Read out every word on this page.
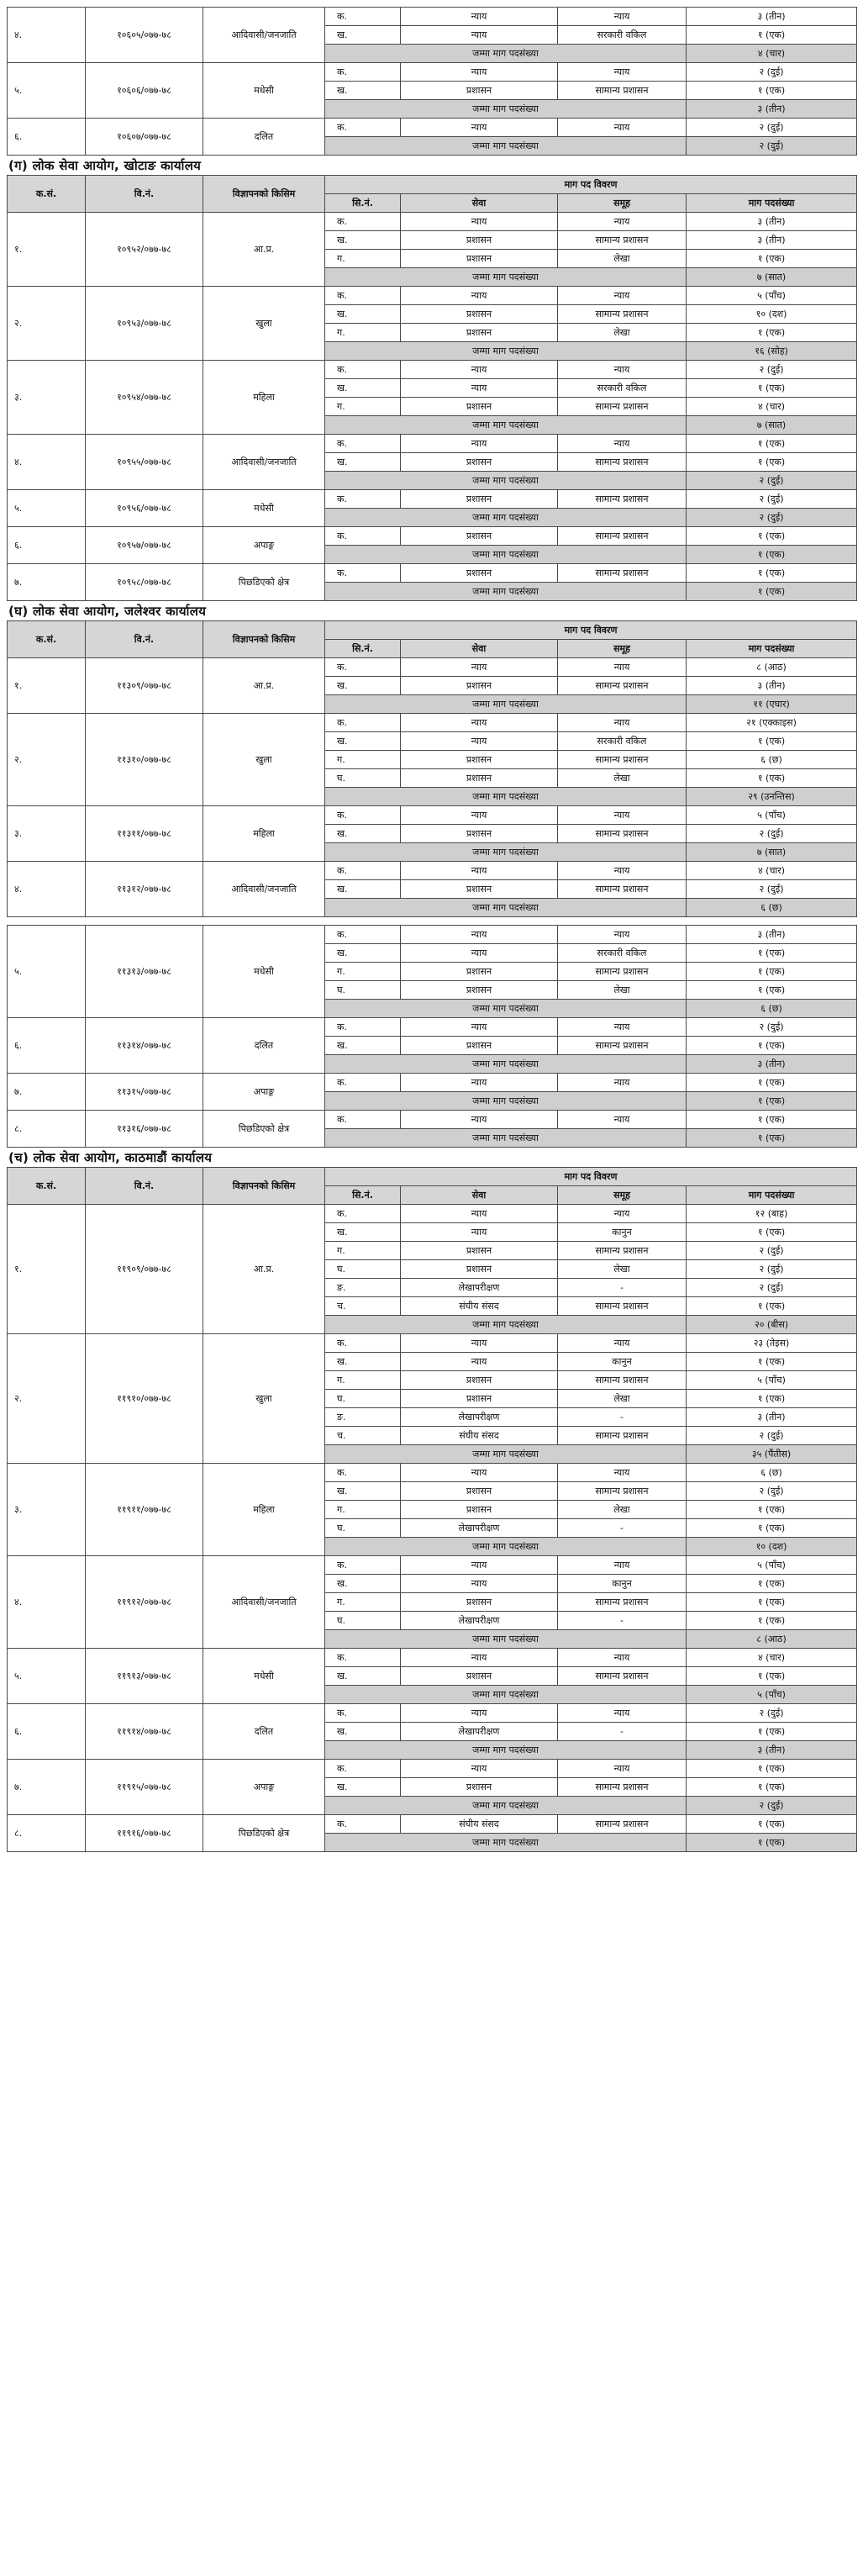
४.	१०६०५/०७७-७८	आदिवासी/जनजाति	क.	न्याय	न्याय	३ (तीन)
			ख.	न्याय	सरकारी वकिल	१ (एक)
			जम्मा माग पदसंख्या			४ (चार)
५.	१०६०६/०७७-७८	मधेसी	क.	न्याय	न्याय	२ (दुई)
			ख.	प्रशासन	सामान्य प्रशासन	१ (एक)
			जम्मा माग पदसंख्या			३ (तीन)
६.	१०६०७/०७७-७८	दलित	क.	न्याय	न्याय	२ (दुई)
			जम्मा माग पदसंख्या			२ (दुई)
(ग) लोक सेवा आयोग, खोटाङ कार्यालय
क.सं.	वि.नं.	विज्ञापनको किसिम	माग पद विवरण			
			सि.नं.	सेवा	समूह	माग पदसंख्या
१.	१०९५२/०७७-७८	आ.प्र.	क.	न्याय	न्याय	३ (तीन)
			ख.	प्रशासन	सामान्य प्रशासन	३ (तीन)
			ग.	प्रशासन	लेखा	१ (एक)
			जम्मा माग पदसंख्या			७ (सात)
२.	१०९५३/०७७-७८	खुला	क.	न्याय	न्याय	५ (पाँच)
			ख.	प्रशासन	सामान्य प्रशासन	१० (दश)
			ग.	प्रशासन	लेखा	१ (एक)
			जम्मा माग पदसंख्या			१६ (सोह)
३.	१०९५४/०७७-७८	महिला	क.	न्याय	न्याय	२ (दुई)
			ख.	न्याय	सरकारी वकिल	१ (एक)
			ग.	प्रशासन	सामान्य प्रशासन	४ (चार)
			जम्मा माग पदसंख्या			७ (सात)
४.	१०९५५/०७७-७८	आदिवासी/जनजाति	क.	न्याय	न्याय	१ (एक)
			ख.	प्रशासन	सामान्य प्रशासन	१ (एक)
			जम्मा माग पदसंख्या			२ (दुई)
५.	१०९५६/०७७-७८	मधेसी	क.	प्रशासन	सामान्य प्रशासन	२ (दुई)
			जम्मा माग पदसंख्या			२ (दुई)
६.	१०९५७/०७७-७८	अपाङ्ग	क.	प्रशासन	सामान्य प्रशासन	१ (एक)
			जम्मा माग पदसंख्या			१ (एक)
७.	१०९५८/०७७-७८	पिछडिएको क्षेत्र	क.	प्रशासन	सामान्य प्रशासन	१ (एक)
			जम्मा माग पदसंख्या			१ (एक)
(घ) लोक सेवा आयोग, जलेश्वर कार्यालय
क.सं.	वि.नं.	विज्ञापनको किसिम	माग पद विवरण			
			सि.नं.	सेवा	समूह	माग पदसंख्या
१.	११३०९/०७७-७८	आ.प्र.	क.	न्याय	न्याय	८ (आठ)
			ख.	प्रशासन	सामान्य प्रशासन	३ (तीन)
			जम्मा माग पदसंख्या			११ (एघार)
२.	११३१०/०७७-७८	खुला	क.	न्याय	न्याय	२१ (एक्काइस)
			ख.	न्याय	सरकारी वकिल	१ (एक)
			ग.	प्रशासन	सामान्य प्रशासन	६ (छ)
			घ.	प्रशासन	लेखा	१ (एक)
			जम्मा माग पदसंख्या			२९ (उनन्तिस)
३.	११३११/०७७-७८	महिला	क.	न्याय	न्याय	५ (पाँच)
			ख.	प्रशासन	सामान्य प्रशासन	२ (दुई)
			जम्मा माग पदसंख्या			७ (सात)
४.	११३१२/०७७-७८	आदिवासी/जनजाति	क.	न्याय	न्याय	४ (चार)
			ख.	प्रशासन	सामान्य प्रशासन	२ (दुई)
			जम्मा माग पदसंख्या			६ (छ)
५.	११३१३/०७७-७८	मधेसी	क.	न्याय	न्याय	३ (तीन)
			ख.	न्याय	सरकारी वकिल	१ (एक)
			ग.	प्रशासन	सामान्य प्रशासन	१ (एक)
			घ.	प्रशासन	लेखा	१ (एक)
			जम्मा माग पदसंख्या			६ (छ)
६.	११३१४/०७७-७८	दलित	क.	न्याय	न्याय	२ (दुई)
			ख.	प्रशासन	सामान्य प्रशासन	१ (एक)
			जम्मा माग पदसंख्या			३ (तीन)
७.	११३१५/०७७-७८	अपाङ्ग	क.	न्याय	न्याय	१ (एक)
			जम्मा माग पदसंख्या			१ (एक)
८.	११३१६/०७७-७८	पिछडिएको क्षेत्र	क.	न्याय	न्याय	१ (एक)
			जम्मा माग पदसंख्या			१ (एक)
(च) लोक सेवा आयोग, काठमाडौं कार्यालय
क.सं.	वि.नं.	विज्ञापनको किसिम	माग पद विवरण			
			सि.नं.	सेवा	समूह	माग पदसंख्या
१.	११९०९/०७७-७८	आ.प्र.	क.	न्याय	न्याय	१२ (बाह)
			ख.	न्याय	कानुन	१ (एक)
			ग.	प्रशासन	सामान्य प्रशासन	२ (दुई)
			घ.	प्रशासन	लेखा	२ (दुई)
			ङ.	लेखापरीक्षण	-	२ (दुई)
			च.	संघीय संसद	सामान्य प्रशासन	१ (एक)
			जम्मा माग पदसंख्या			२० (बीस)
२.	११९१०/०७७-७८	खुला	क.	न्याय	न्याय	२३ (तेइस)
			ख.	न्याय	कानुन	१ (एक)
			ग.	प्रशासन	सामान्य प्रशासन	५ (पाँच)
			घ.	प्रशासन	लेखा	१ (एक)
			ङ.	लेखापरीक्षण	-	३ (तीन)
			च.	संघीय संसद	सामान्य प्रशासन	२ (दुई)
			जम्मा माग पदसंख्या			३५ (पैंतीस)
३.	११९११/०७७-७८	महिला	क.	न्याय	न्याय	६ (छ)
			ख.	प्रशासन	सामान्य प्रशासन	२ (दुई)
			ग.	प्रशासन	लेखा	१ (एक)
			घ.	लेखापरीक्षण	-	१ (एक)
			जम्मा माग पदसंख्या			१० (दश)
४.	११९१२/०७७-७८	आदिवासी/जनजाति	क.	न्याय	न्याय	५ (पाँच)
			ख.	न्याय	कानुन	१ (एक)
			ग.	प्रशासन	सामान्य प्रशासन	१ (एक)
			घ.	लेखापरीक्षण	-	१ (एक)
			जम्मा माग पदसंख्या			८ (आठ)
५.	११९१३/०७७-७८	मधेसी	क.	न्याय	न्याय	४ (चार)
			ख.	प्रशासन	सामान्य प्रशासन	१ (एक)
			जम्मा माग पदसंख्या			५ (पाँच)
६.	११९१४/०७७-७८	दलित	क.	न्याय	न्याय	२ (दुई)
			ख.	लेखापरीक्षण	-	१ (एक)
			जम्मा माग पदसंख्या			३ (तीन)
७.	११९१५/०७७-७८	अपाङ्ग	क.	न्याय	न्याय	१ (एक)
			ख.	प्रशासन	सामान्य प्रशासन	१ (एक)
			जम्मा माग पदसंख्या			२ (दुई)
८.	११९१६/०७७-७८	पिछडिएको क्षेत्र	क.	संघीय संसद	सामान्य प्रशासन	१ (एक)
			जम्मा माग पदसंख्या			१ (एक)
